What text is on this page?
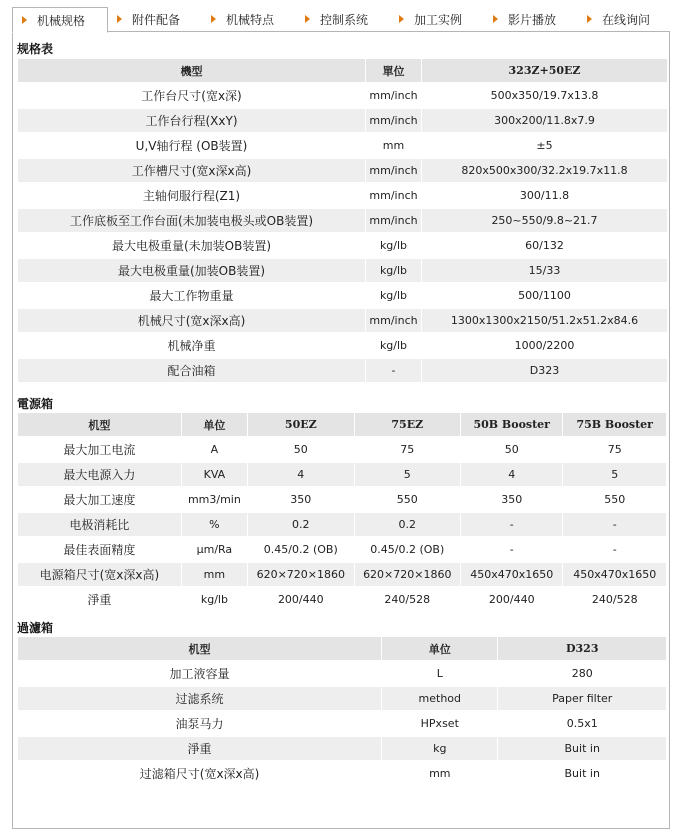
机械规格	附件配备	机械特点	控制系统	加工实例	影片播放	在线询问
规格表
機型	單位	323Z+50EZ
工作台尺寸(宽x深)	mm/inch	500x350/19.7x13.8
工作台行程(XxY)	mm/inch	300x200/11.8x7.9
U,V轴行程 (OB装置)	mm	±5
工作槽尺寸(宽x深x高)	mm/inch	820x500x300/32.2x19.7x11.8
主轴伺服行程(Z1)	mm/inch	300/11.8
工作底板至工作台面(未加装电极头或OB装置)	mm/inch	250~550/9.8~21.7
最大电极重量(未加装OB装置)	kg/lb	60/132
最大电极重量(加装OB装置)	kg/lb	15/33
最大工作物重量	kg/lb	500/1100
机械尺寸(宽x深x高)	mm/inch	1300x1300x2150/51.2x51.2x84.6
机械净重	kg/lb	1000/2200
配合油箱	-	D323
電源箱
机型	单位	50EZ	75EZ	50B Booster	75B Booster
最大加工电流	A	50	75	50	75
最大电源入力	KVA	4	5	4	5
最大加工速度	mm3/min	350	550	350	550
电极消耗比	%	0.2	0.2	-	-
最佳表面精度	μm/Ra	0.45/0.2 (OB)	0.45/0.2 (OB)	-	-
电源箱尺寸(宽x深x高)	mm	620×720×1860	620×720×1860	450x470x1650	450x470x1650
淨重	kg/lb	200/440	240/528	200/440	240/528
過濾箱
机型	单位	D323
加工液容量	L	280
过滤系统	method	Paper filter
油泵马力	HPxset	0.5x1
淨重	kg	Buit in
过滤箱尺寸(宽x深x高)	mm	Buit in
